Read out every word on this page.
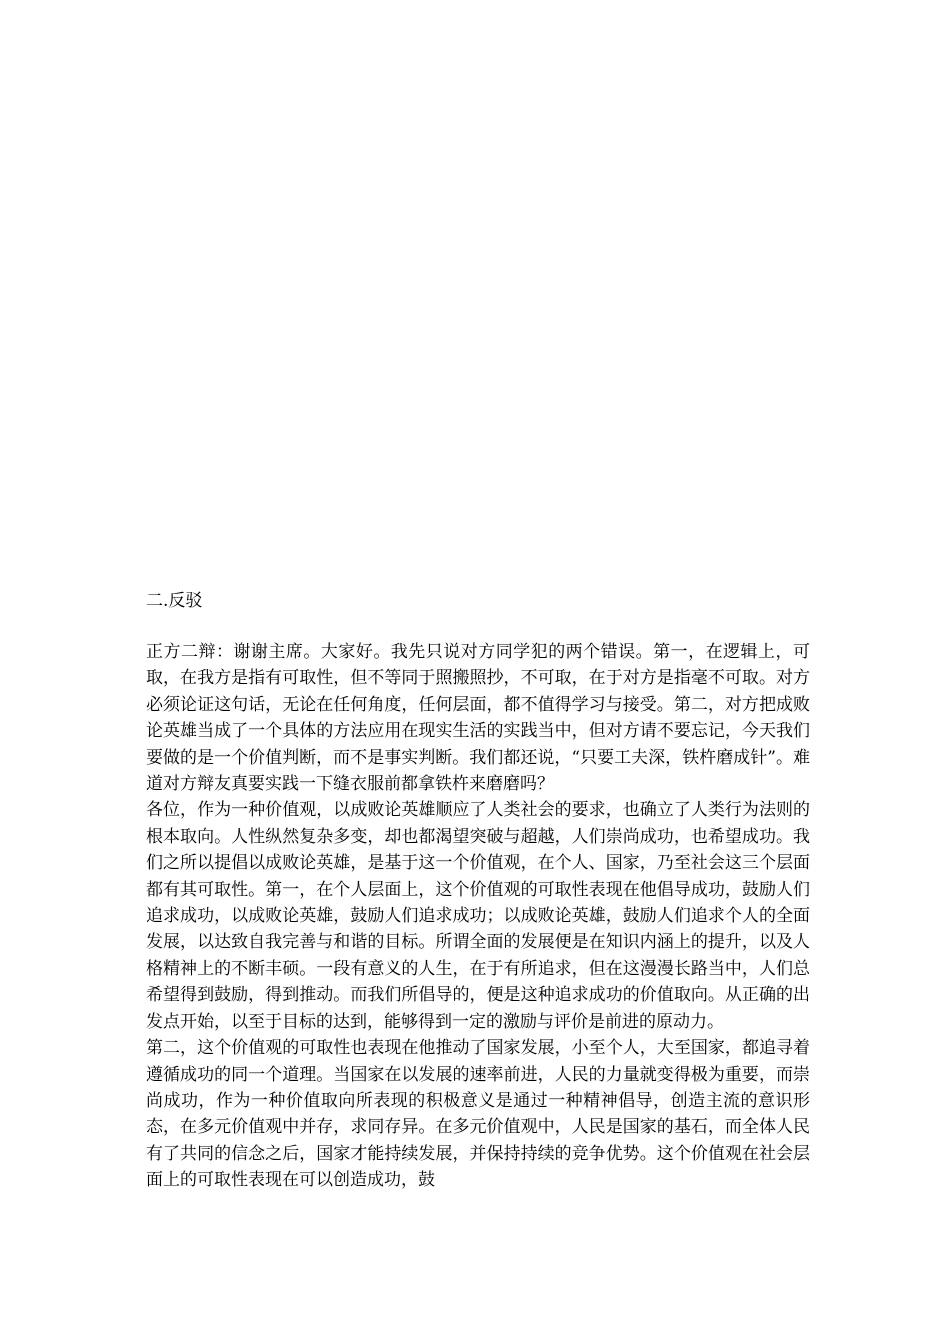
二.反驳

正方二辩：谢谢主席。大家好。我先只说对方同学犯的两个错误。第一，在逻辑上，可取，在我方是指有可取性，但不等同于照搬照抄，不可取，在于对方是指毫不可取。对方必须论证这句话，无论在任何角度，任何层面，都不值得学习与接受。第二，对方把成败论英雄当成了一个具体的方法应用在现实生活的实践当中，但对方请不要忘记，今天我们要做的是一个价值判断，而不是事实判断。我们都还说，“只要工夫深，铁杵磨成针”。难道对方辩友真要实践一下缝衣服前都拿铁杵来磨磨吗？

各位，作为一种价值观，以成败论英雄顺应了人类社会的要求，也确立了人类行为法则的根本取向。人性纵然复杂多变，却也都渴望突破与超越，人们崇尚成功，也希望成功。我们之所以提倡以成败论英雄，是基于这一个价值观，在个人、国家，乃至社会这三个层面都有其可取性。第一，在个人层面上，这个价值观的可取性表现在他倡导成功，鼓励人们追求成功，以成败论英雄，鼓励人们追求成功；以成败论英雄，鼓励人们追求个人的全面发展，以达致自我完善与和谐的目标。所谓全面的发展便是在知识内涵上的提升，以及人格精神上的不断丰硕。一段有意义的人生，在于有所追求，但在这漫漫长路当中，人们总希望得到鼓励，得到推动。而我们所倡导的，便是这种追求成功的价值取向。从正确的出发点开始，以至于目标的达到，能够得到一定的激励与评价是前进的原动力。

第二，这个价值观的可取性也表现在他推动了国家发展，小至个人，大至国家，都追寻着遵循成功的同一个道理。当国家在以发展的速率前进，人民的力量就变得极为重要，而崇尚成功，作为一种价值取向所表现的积极意义是通过一种精神倡导，创造主流的意识形态，在多元价值观中并存，求同存异。在多元价值观中，人民是国家的基石，而全体人民有了共同的信念之后，国家才能持续发展，并保持持续的竞争优势。这个价值观在社会层面上的可取性表现在可以创造成功，鼓
